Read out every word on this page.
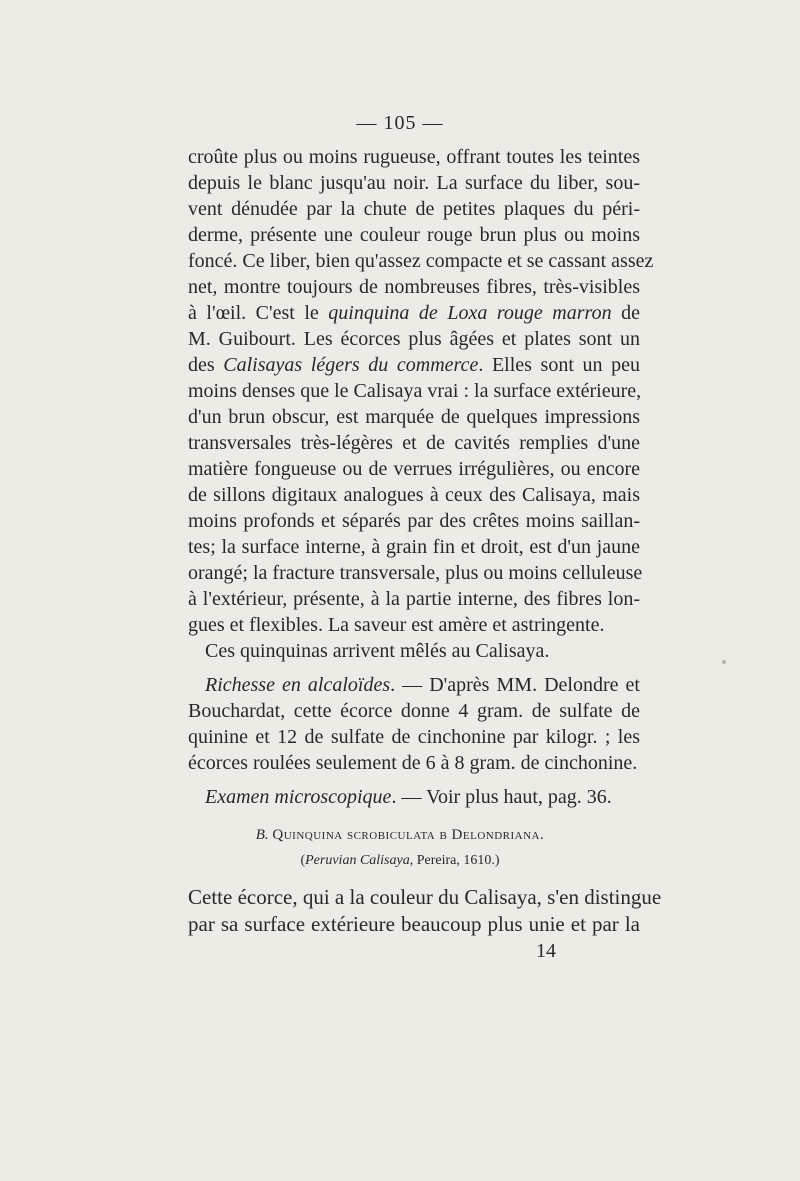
— 105 —
croûte plus ou moins rugueuse, offrant toutes les teintes
depuis le blanc jusqu'au noir. La surface du liber, sou-
vent dénudée par la chute de petites plaques du péri-
derme, présente une couleur rouge brun plus ou moins
foncé. Ce liber, bien qu'assez compacte et se cassant assez
net, montre toujours de nombreuses fibres, très-visibles
à l'œil. C'est le quinquina de Loxa rouge marron de
M. Guibourt. Les écorces plus âgées et plates sont un
des Calisayas légers du commerce. Elles sont un peu
moins denses que le Calisaya vrai : la surface extérieure,
d'un brun obscur, est marquée de quelques impressions
transversales très-légères et de cavités remplies d'une
matière fongueuse ou de verrues irrégulières, ou encore
de sillons digitaux analogues à ceux des Calisaya, mais
moins profonds et séparés par des crêtes moins saillan-
tes; la surface interne, à grain fin et droit, est d'un jaune
orangé; la fracture transversale, plus ou moins celluleuse
à l'extérieur, présente, à la partie interne, des fibres lon-
gues et flexibles. La saveur est amère et astringente.
Ces quinquinas arrivent mêlés au Calisaya.
Richesse en alcaloïdes. — D'après MM. Delondre et
Bouchardat, cette écorce donne 4 gram. de sulfate de
quinine et 12 de sulfate de cinchonine par kilogr. ; les
écorces roulées seulement de 6 à 8 gram. de cinchonine.
Examen microscopique. — Voir plus haut, pag. 36.
B. Quinquina scrobiculata β Delondriana.
(Peruvian Calisaya, Pereira, 1610.)
Cette écorce, qui a la couleur du Calisaya, s'en distingue
par sa surface extérieure beaucoup plus unie et par la
14
